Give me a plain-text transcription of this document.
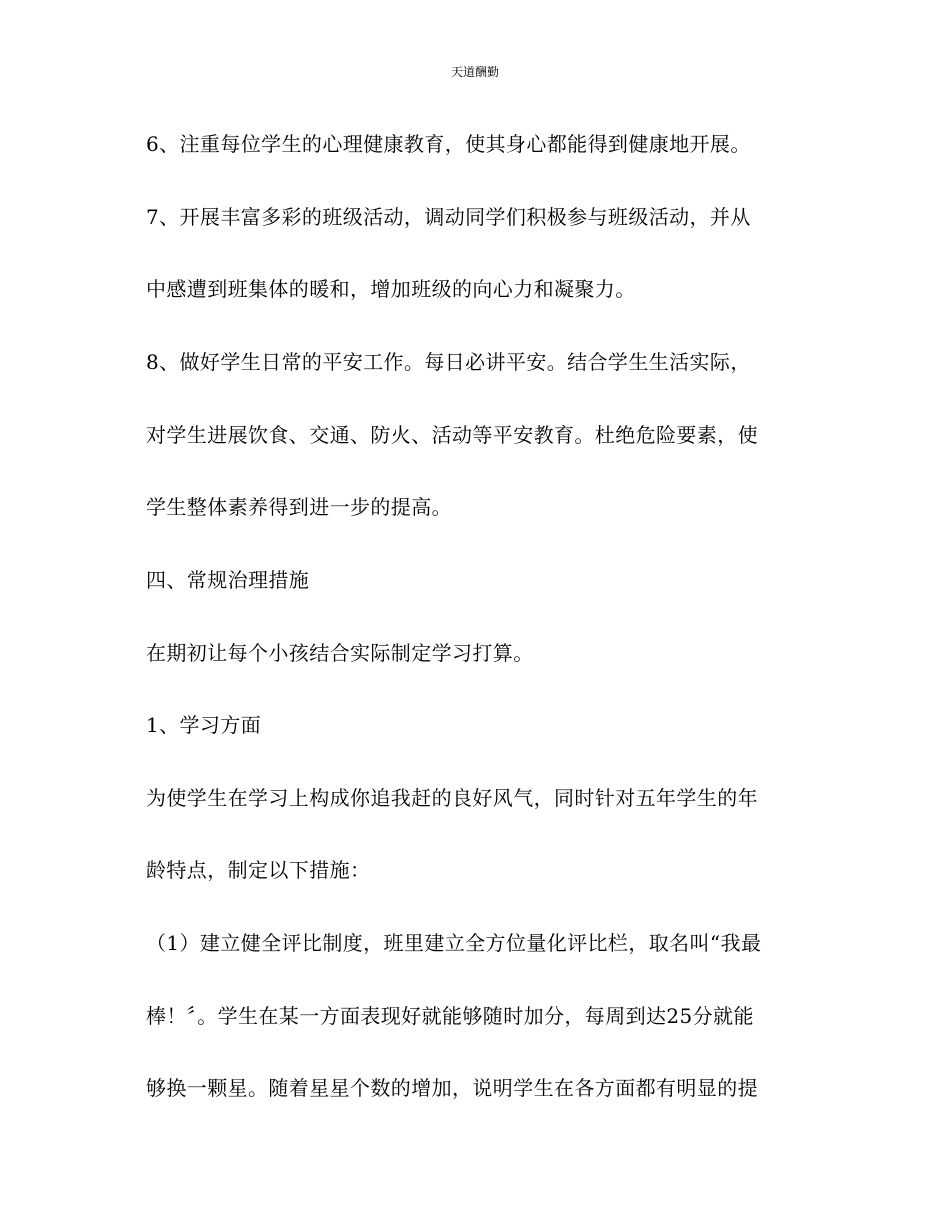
天道酬勤
6、注重每位学生的心理健康教育，使其身心都能得到健康地开展。
7、开展丰富多彩的班级活动，调动同学们积极参与班级活动，并从
中感遭到班集体的暖和，增加班级的向心力和凝聚力。
8、做好学生日常的平安工作。每日必讲平安。结合学生生活实际，
对学生进展饮食、交通、防火、活动等平安教育。杜绝危险要素，使
学生整体素养得到进一步的提高。
四、常规治理措施
在期初让每个小孩结合实际制定学习打算。
1、学习方面
为使学生在学习上构成你追我赶的良好风气，同时针对五年学生的年
龄特点，制定以下措施：
（1）建立健全评比制度，班里建立全方位量化评比栏，取名叫“我最
棒！〞。学生在某一方面表现好就能够随时加分，每周到达25分就能
够换一颗星。随着星星个数的增加，说明学生在各方面都有明显的提
